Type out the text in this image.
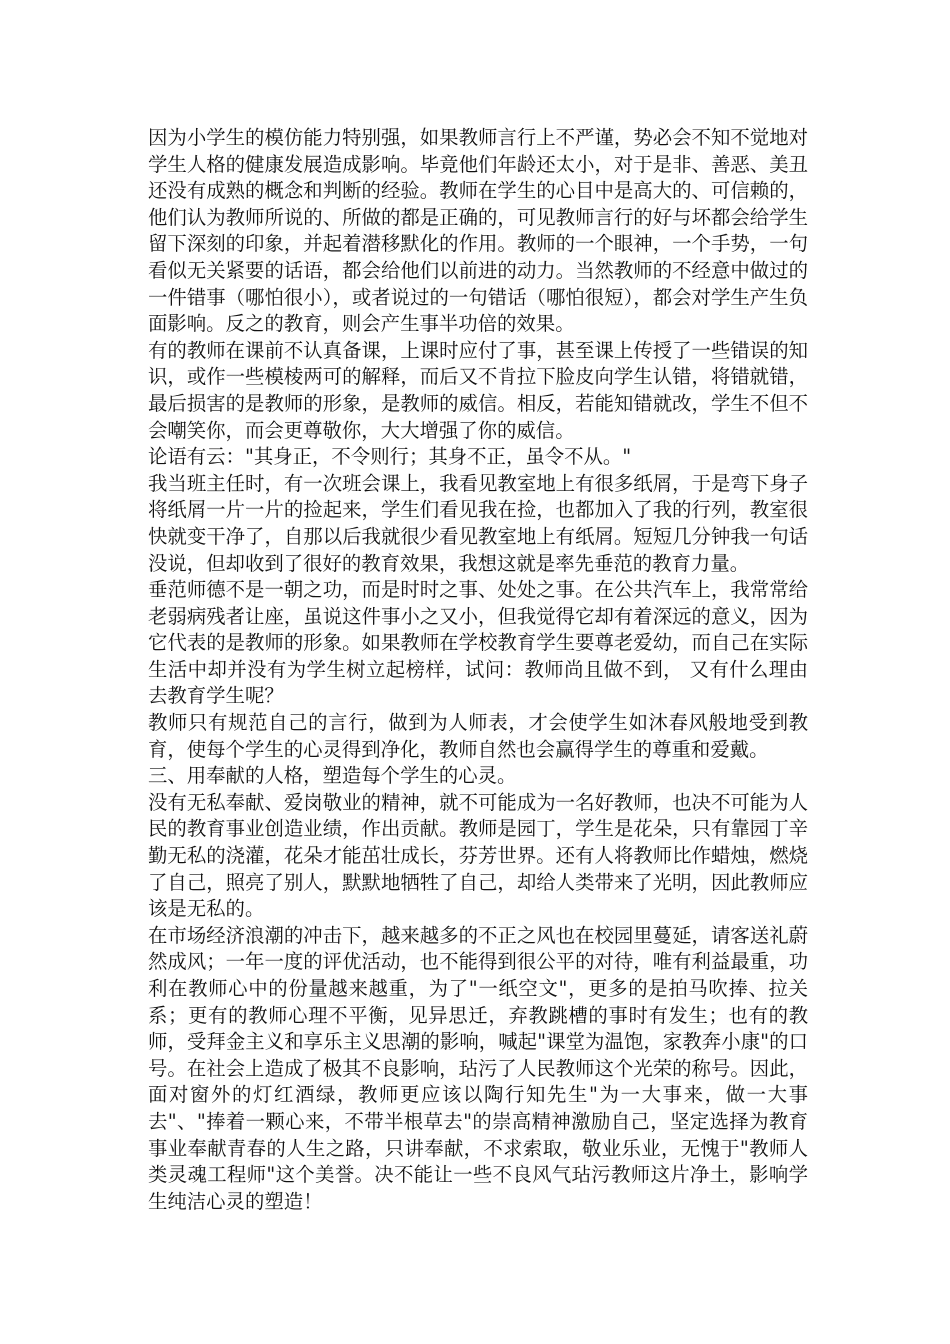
因为小学生的模仿能力特别强，如果教师言行上不严谨，势必会不知不觉地对学生人格的健康发展造成影响。毕竟他们年龄还太小，对于是非、善恶、美丑还没有成熟的概念和判断的经验。教师在学生的心目中是高大的、可信赖的，他们认为教师所说的、所做的都是正确的，可见教师言行的好与坏都会给学生留下深刻的印象，并起着潜移默化的作用。教师的一个眼神，一个手势，一句看似无关紧要的话语，都会给他们以前进的动力。当然教师的不经意中做过的一件错事（哪怕很小），或者说过的一句错话（哪怕很短），都会对学生产生负面影响。反之的教育，则会产生事半功倍的效果。

有的教师在课前不认真备课，上课时应付了事，甚至课上传授了一些错误的知识，或作一些模棱两可的解释，而后又不肯拉下脸皮向学生认错，将错就错，最后损害的是教师的形象，是教师的威信。相反，若能知错就改，学生不但不会嘲笑你，而会更尊敬你，大大增强了你的威信。

论语有云："其身正，不令则行；其身不正，虽令不从。"

我当班主任时，有一次班会课上，我看见教室地上有很多纸屑，于是弯下身子将纸屑一片一片的捡起来，学生们看见我在捡，也都加入了我的行列，教室很快就变干净了，自那以后我就很少看见教室地上有纸屑。短短几分钟我一句话没说，但却收到了很好的教育效果，我想这就是率先垂范的教育力量。

垂范师德不是一朝之功，而是时时之事、处处之事。在公共汽车上，我常常给老弱病残者让座，虽说这件事小之又小，但我觉得它却有着深远的意义，因为它代表的是教师的形象。如果教师在学校教育学生要尊老爱幼，而自己在实际生活中却并没有为学生树立起榜样，试问：教师尚且做不到， 又有什么理由去教育学生呢？

教师只有规范自己的言行，做到为人师表，才会使学生如沐春风般地受到教育，使每个学生的心灵得到净化，教师自然也会赢得学生的尊重和爱戴。

三、用奉献的人格，塑造每个学生的心灵。

没有无私奉献、爱岗敬业的精神，就不可能成为一名好教师，也决不可能为人民的教育事业创造业绩，作出贡献。教师是园丁，学生是花朵，只有靠园丁辛勤无私的浇灌，花朵才能茁壮成长，芬芳世界。还有人将教师比作蜡烛，燃烧了自己，照亮了别人，默默地牺牲了自己，却给人类带来了光明，因此教师应该是无私的。

在市场经济浪潮的冲击下，越来越多的不正之风也在校园里蔓延，请客送礼蔚然成风；一年一度的评优活动，也不能得到很公平的对待，唯有利益最重，功利在教师心中的份量越来越重，为了"一纸空文"，更多的是拍马吹捧、拉关系；更有的教师心理不平衡，见异思迁，弃教跳槽的事时有发生；也有的教师，受拜金主义和享乐主义思潮的影响，喊起"课堂为温饱，家教奔小康"的口号。在社会上造成了极其不良影响，玷污了人民教师这个光荣的称号。因此，面对窗外的灯红酒绿，教师更应该以陶行知先生"为一大事来，做一大事去"、"捧着一颗心来，不带半根草去"的崇高精神激励自己，坚定选择为教育事业奉献青春的人生之路，只讲奉献，不求索取，敬业乐业，无愧于"教师人类灵魂工程师"这个美誉。决不能让一些不良风气玷污教师这片净土，影响学生纯洁心灵的塑造！
